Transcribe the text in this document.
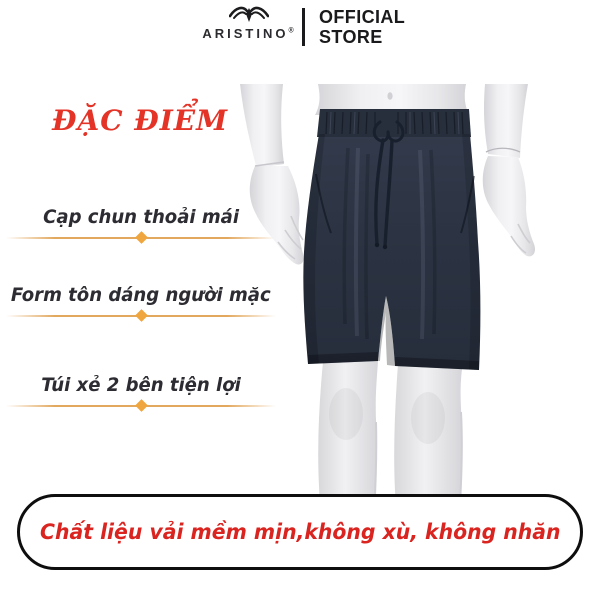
ARISTINO®
OFFICIAL
STORE
ĐẶC ĐIỂM
Cạp chun thoải mái
Form tôn dáng người mặc
Túi xẻ 2 bên tiện lợi
Chất liệu vải mềm mịn,không xù, không nhăn
